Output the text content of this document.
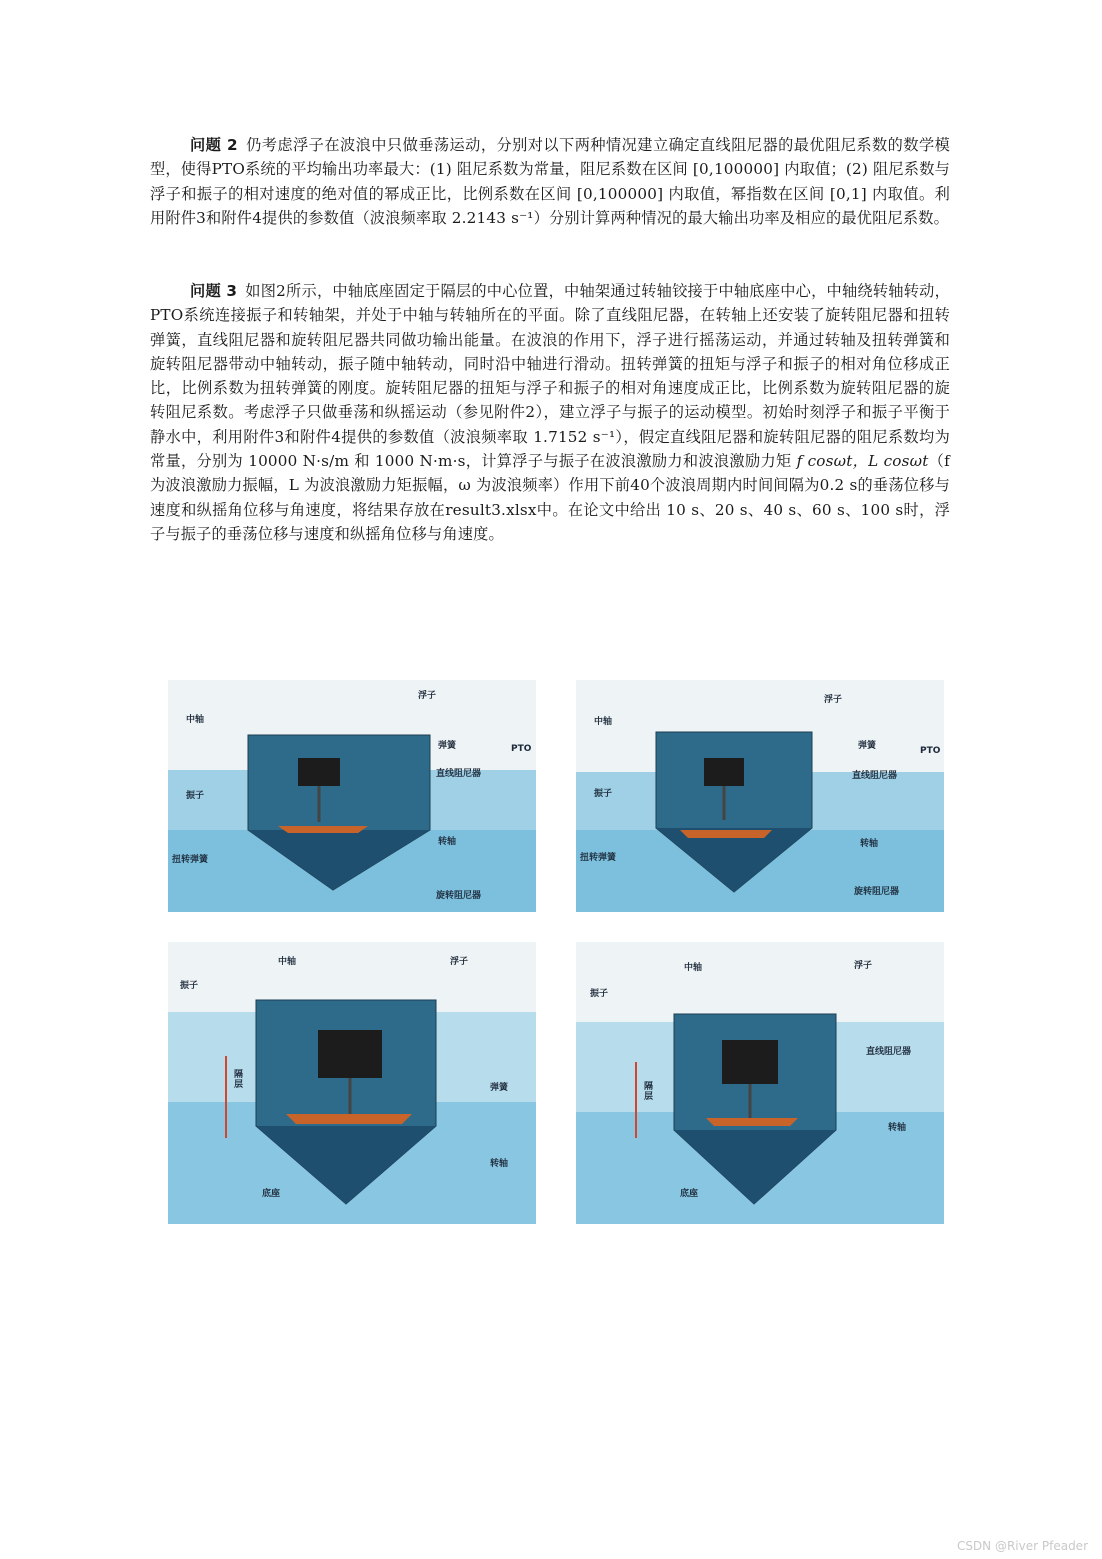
问题 2 仍考虑浮子在波浪中只做垂荡运动，分别对以下两种情况建立确定直线阻尼器的最优阻尼系数的数学模型，使得PTO系统的平均输出功率最大：(1) 阻尼系数为常量，阻尼系数在区间 [0,100000] 内取值；(2) 阻尼系数与浮子和振子的相对速度的绝对值的幂成正比，比例系数在区间 [0,100000] 内取值，幂指数在区间 [0,1] 内取值。利用附件3和附件4提供的参数值（波浪频率取 2.2143 s⁻¹）分别计算两种情况的最大输出功率及相应的最优阻尼系数。
问题 3 如图2所示，中轴底座固定于隔层的中心位置，中轴架通过转轴铰接于中轴底座中心，中轴绕转轴转动，PTO系统连接振子和转轴架，并处于中轴与转轴所在的平面。除了直线阻尼器，在转轴上还安装了旋转阻尼器和扭转弹簧，直线阻尼器和旋转阻尼器共同做功输出能量。在波浪的作用下，浮子进行摇荡运动，并通过转轴及扭转弹簧和旋转阻尼器带动中轴转动，振子随中轴转动，同时沿中轴进行滑动。扭转弹簧的扭矩与浮子和振子的相对角位移成正比，比例系数为扭转弹簧的刚度。旋转阻尼器的扭矩与浮子和振子的相对角速度成正比，比例系数为旋转阻尼器的旋转阻尼系数。考虑浮子只做垂荡和纵摇运动（参见附件2），建立浮子与振子的运动模型。初始时刻浮子和振子平衡于静水中，利用附件3和附件4提供的参数值（波浪频率取 1.7152 s⁻¹），假定直线阻尼器和旋转阻尼器的阻尼系数均为常量，分别为 10000 N·s/m 和 1000 N·m·s，计算浮子与振子在波浪激励力和波浪激励力矩 f cosωt，L cosωt（f 为波浪激励力振幅，L 为波浪激励力矩振幅，ω 为波浪频率）作用下前40个波浪周期内时间间隔为0.2 s的垂荡位移与速度和纵摇角位移与角速度，将结果存放在result3.xlsx中。在论文中给出 10 s、20 s、40 s、60 s、100 s时，浮子与振子的垂荡位移与速度和纵摇角位移与角速度。
中轴
浮子
弹簧	PTO
直线阻尼器
振子
转轴
扭转弹簧
旋转阻尼器
中轴
浮子
弹簧	PTO
直线阻尼器
振子
转轴
扭转弹簧
旋转阻尼器
中轴	浮子
振子
弹簧
转轴
隔层
底座
中轴	浮子
振子
直线阻尼器
转轴
隔层
底座
CSDN @River Pfeader
